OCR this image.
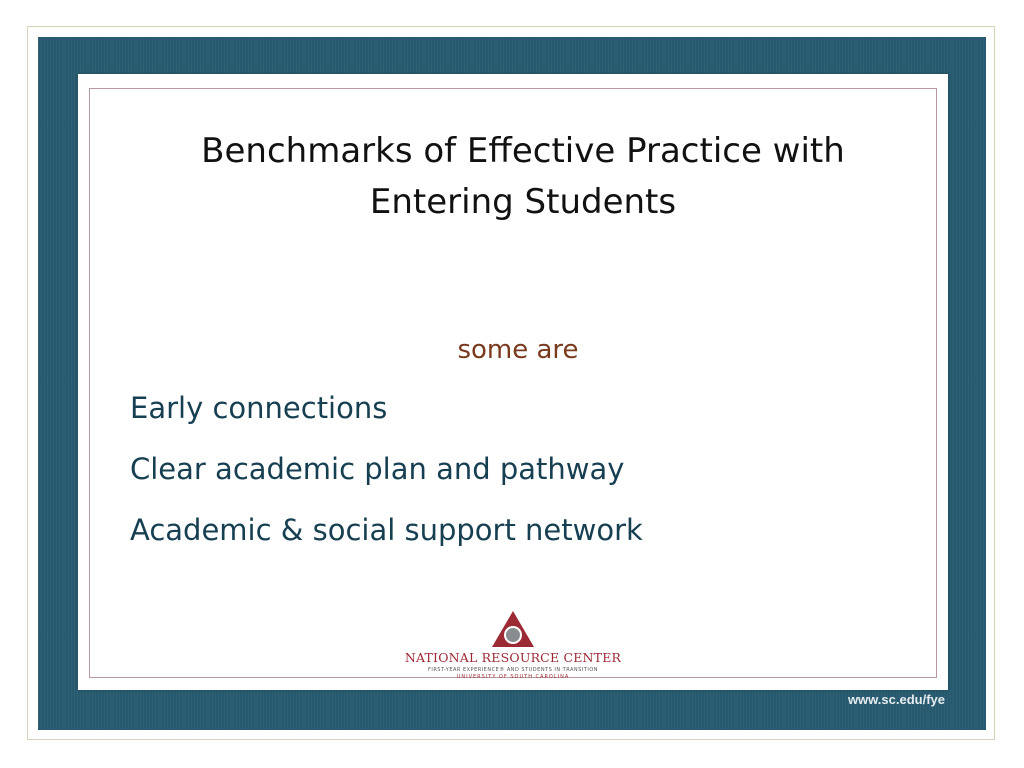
Benchmarks of Effective Practice with
Entering Students
some are
Early connections
Clear academic plan and pathway
Academic & social support network
NATIONAL RESOURCE CENTER
FIRST-YEAR EXPERIENCE® AND STUDENTS IN TRANSITION
UNIVERSITY OF SOUTH CAROLINA
www.sc.edu/fye
